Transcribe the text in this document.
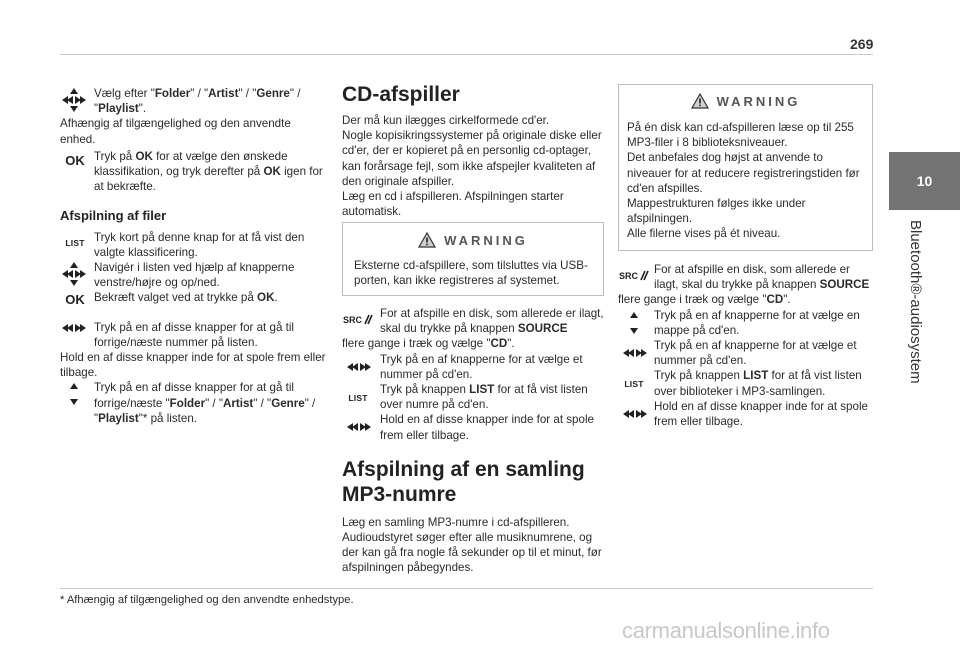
269
10
Bluetooth®-audiosystem

Vælg efter "Folder" / "Artist" / "Genre" / "Playlist".

Afhængig af tilgængelighed og den anvendte enhed.

OK Tryk på OK for at vælge den ønskede klassifikation, og tryk derefter på OK igen for at bekræfte.

Afspilning af filer
LIST Tryk kort på denne knap for at få vist den valgte klassificering.

Navigér i listen ved hjælp af knapperne venstre/højre og op/ned.

OK Bekræft valget ved at trykke på OK.

Tryk på en af disse knapper for at gå til forrige/næste nummer på listen.

Hold en af disse knapper inde for at spole frem eller tilbage.

Tryk på en af disse knapper for at gå til forrige/næste "Folder" / "Artist" / "Genre" / "Playlist"* på listen.

CD-afspiller

Der må kun ilægges cirkelformede cd'er.

Nogle kopisikringssystemer på originale diske eller cd'er, der er kopieret på en personlig cd-optager, kan forårsage fejl, som ikke afspejler kvaliteten af den originale afspiller.

Læg en cd i afspilleren. Afspilningen starter automatisk.

WARNING

Eksterne cd-afspillere, som tilsluttes via USB-porten, kan ikke registreres af systemet.

SRC	For at afspille en disk, som allerede er ilagt, skal du trykke på knappen SOURCE

flere gange i træk og vælge "CD".

Tryk på en af knapperne for at vælge et nummer på cd'en.

LIST

Tryk på knappen LIST for at få vist listen over numre på cd'en.

Hold en af disse knapper inde for at spole frem eller tilbage.

Afspilning af en samling
MP3-numre

Læg en samling MP3-numre i cd-afspilleren.

Audioudstyret søger efter alle musiknumrene, og der kan gå fra nogle få sekunder op til et minut, før afspilningen påbegyndes.

WARNING

På én disk kan cd-afspilleren læse op til 255 MP3-filer i 8 biblioteksniveauer.

Det anbefales dog højst at anvende to niveauer for at reducere registreringstiden før cd'en afspilles.

Mappestrukturen følges ikke under afspilningen.

Alle filerne vises på ét niveau.

SRC	For at afspille en disk, som allerede er ilagt, skal du trykke på knappen SOURCE

flere gange i træk og vælge "CD".

Tryk på en af knapperne for at vælge en mappe på cd'en.

Tryk på en af knapperne for at vælge et nummer på cd'en.

LIST

Tryk på knappen LIST for at få vist listen over biblioteker i MP3-samlingen.

Hold en af disse knapper inde for at spole frem eller tilbage.

* Afhængig af tilgængelighed og den anvendte enhedstype.
carmanualsonline.info
